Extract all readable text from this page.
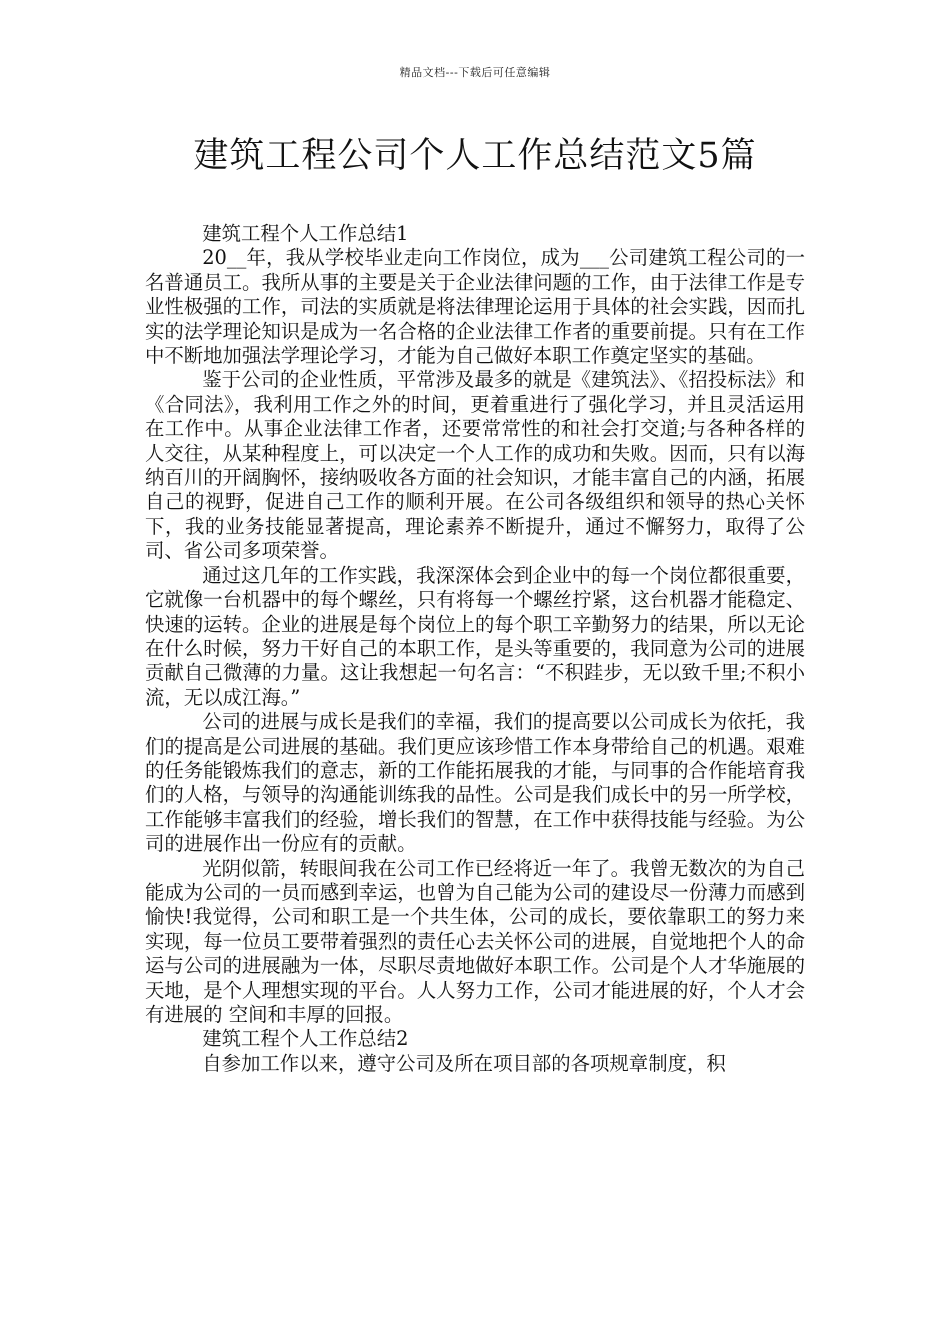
精品文档---下载后可任意编辑
建筑工程公司个人工作总结范文5篇
建筑工程个人工作总结1

20__年，我从学校毕业走向工作岗位，成为___公司建筑工程公司的一名普通员工。我所从事的主要是关于企业法律问题的工作，由于法律工作是专业性极强的工作，司法的实质就是将法律理论运用于具体的社会实践，因而扎实的法学理论知识是成为一名合格的企业法律工作者的重要前提。只有在工作中不断地加强法学理论学习，才能为自己做好本职工作奠定坚实的基础。

鉴于公司的企业性质，平常涉及最多的就是《建筑法》、《招投标法》和《合同法》，我利用工作之外的时间，更着重进行了强化学习，并且灵活运用在工作中。从事企业法律工作者，还要常常性的和社会打交道;与各种各样的人交往，从某种程度上，可以决定一个人工作的成功和失败。因而，只有以海纳百川的开阔胸怀，接纳吸收各方面的社会知识，才能丰富自己的内涵，拓展自己的视野，促进自己工作的顺利开展。在公司各级组织和领导的热心关怀下，我的业务技能显著提高，理论素养不断提升，通过不懈努力，取得了公司、省公司多项荣誉。

通过这几年的工作实践，我深深体会到企业中的每一个岗位都很重要，它就像一台机器中的每个螺丝，只有将每一个螺丝拧紧，这台机器才能稳定、快速的运转。企业的进展是每个岗位上的每个职工辛勤努力的结果，所以无论在什么时候，努力干好自己的本职工作，是头等重要的，我同意为公司的进展贡献自己微薄的力量。这让我想起一句名言：“不积跬步，无以致千里;不积小流，无以成江海。”

公司的进展与成长是我们的幸福，我们的提高要以公司成长为依托，我们的提高是公司进展的基础。我们更应该珍惜工作本身带给自己的机遇。艰难的任务能锻炼我们的意志，新的工作能拓展我的才能，与同事的合作能培育我们的人格，与领导的沟通能训练我的品性。公司是我们成长中的另一所学校，工作能够丰富我们的经验，增长我们的智慧，在工作中获得技能与经验。为公司的进展作出一份应有的贡献。

光阴似箭，转眼间我在公司工作已经将近一年了。我曾无数次的为自己能成为公司的一员而感到幸运，也曾为自己能为公司的建设尽一份薄力而感到愉快!我觉得，公司和职工是一个共生体，公司的成长，要依靠职工的努力来实现，每一位员工要带着强烈的责任心去关怀公司的进展，自觉地把个人的命运与公司的进展融为一体，尽职尽责地做好本职工作。公司是个人才华施展的天地，是个人理想实现的平台。人人努力工作，公司才能进展的好，个人才会有进展的 空间和丰厚的回报。

建筑工程个人工作总结2

自参加工作以来，遵守公司及所在项目部的各项规章制度，积
